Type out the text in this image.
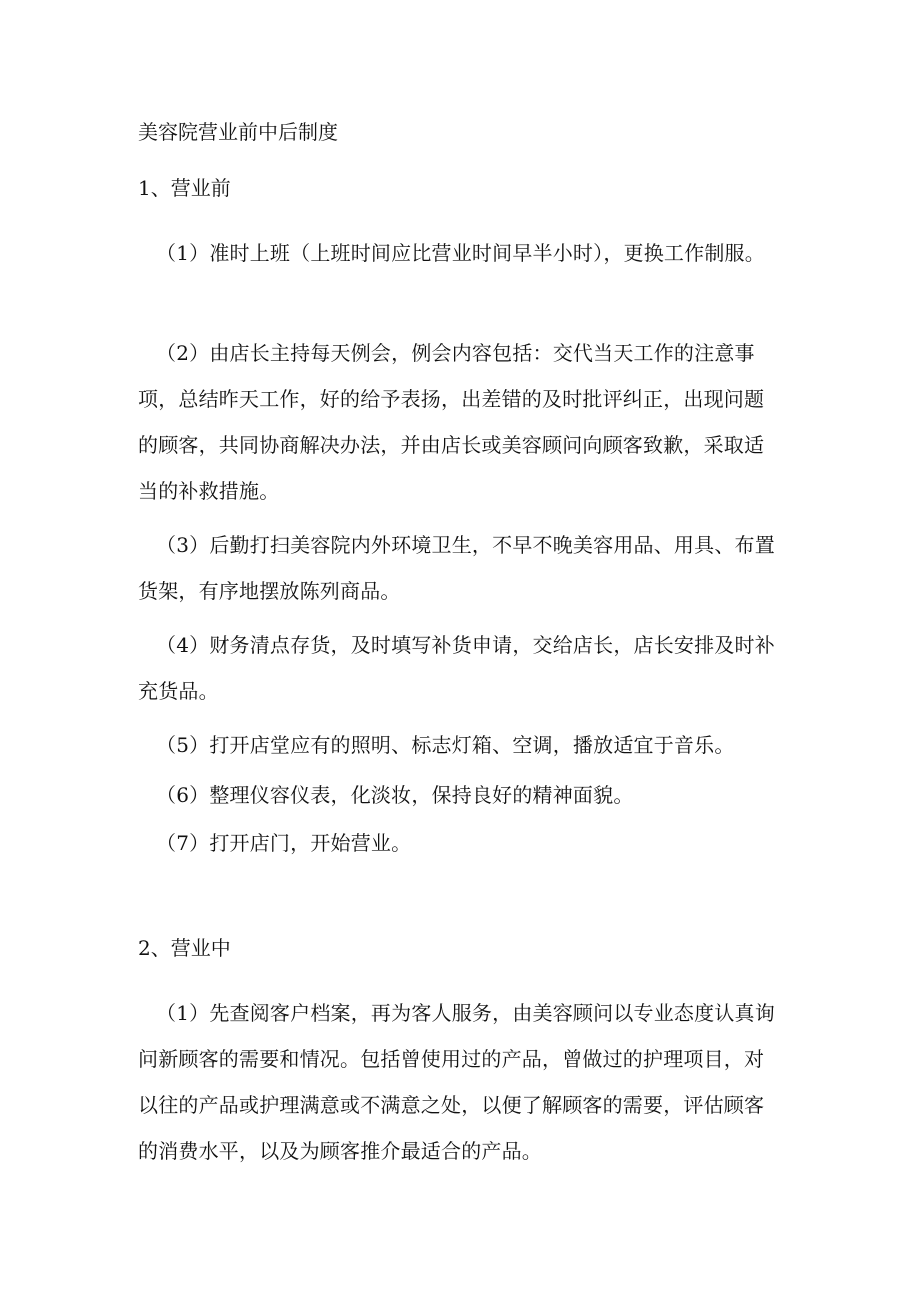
美容院营业前中后制度
1、营业前
（1）准时上班（上班时间应比营业时间早半小时），更换工作制服。
（2）由店长主持每天例会，例会内容包括：交代当天工作的注意事项，总结昨天工作，好的给予表扬，出差错的及时批评纠正，出现问题的顾客，共同协商解决办法，并由店长或美容顾问向顾客致歉，采取适当的补救措施。
（3）后勤打扫美容院内外环境卫生，不早不晚美容用品、用具、布置货架，有序地摆放陈列商品。
（4）财务清点存货，及时填写补货申请，交给店长，店长安排及时补充货品。
（5）打开店堂应有的照明、标志灯箱、空调，播放适宜于音乐。
（6）整理仪容仪表，化淡妆，保持良好的精神面貌。
（7）打开店门，开始营业。
2、营业中
（1）先查阅客户档案，再为客人服务，由美容顾问以专业态度认真询问新顾客的需要和情况。包括曾使用过的产品，曾做过的护理项目，对以往的产品或护理满意或不满意之处，以便了解顾客的需要，评估顾客的消费水平，以及为顾客推介最适合的产品。
